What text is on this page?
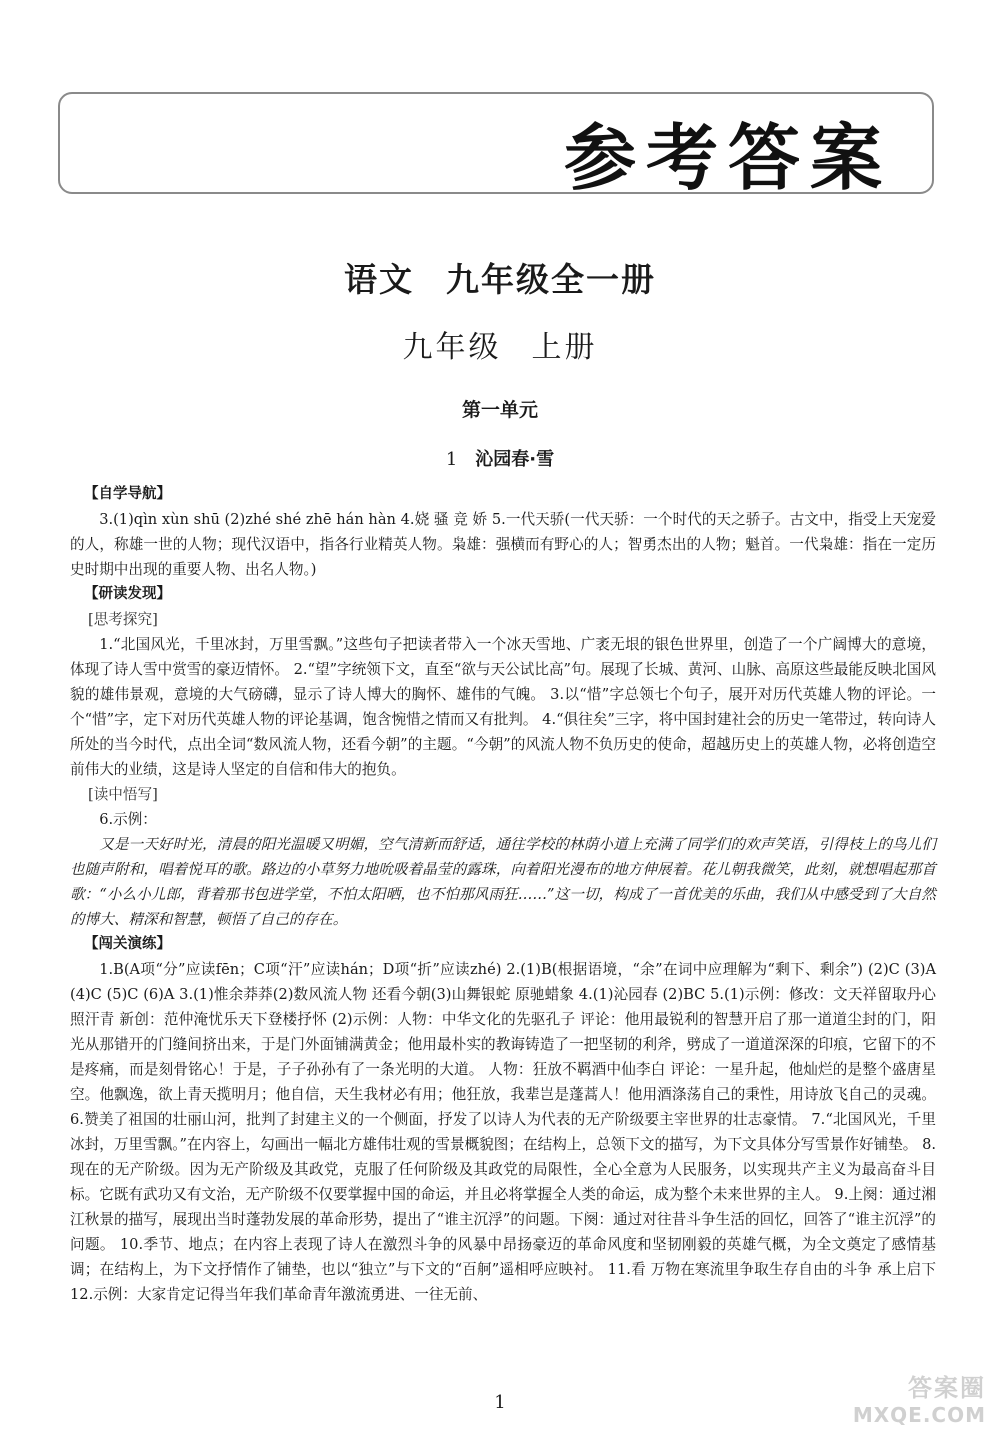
参考答案
语文 九年级全一册
九年级 上册
第一单元
1 沁园春·雪
【自学导航】

3.(1)qìn xùn shū (2)zhé shé zhē hán hàn 4.娆 骚 竞 娇 5.一代天骄(一代天骄：一个时代的天之骄子。古文中，指受上天宠爱的人，称雄一世的人物；现代汉语中，指各行业精英人物。枭雄：强横而有野心的人；智勇杰出的人物；魁首。一代枭雄：指在一定历史时期中出现的重要人物、出名人物。)

【研读发现】
[思考探究]

1.“北国风光，千里冰封，万里雪飘。”这些句子把读者带入一个冰天雪地、广袤无垠的银色世界里，创造了一个广阔博大的意境，体现了诗人雪中赏雪的豪迈情怀。 2.“望”字统领下文，直至“欲与天公试比高”句。展现了长城、黄河、山脉、高原这些最能反映北国风貌的雄伟景观，意境的大气磅礴，显示了诗人博大的胸怀、雄伟的气魄。 3.以“惜”字总领七个句子，展开对历代英雄人物的评论。一个“惜”字，定下对历代英雄人物的评论基调，饱含惋惜之情而又有批判。 4.“俱往矣”三字，将中国封建社会的历史一笔带过，转向诗人所处的当今时代，点出全词“数风流人物，还看今朝”的主题。“今朝”的风流人物不负历史的使命，超越历史上的英雄人物，必将创造空前伟大的业绩，这是诗人坚定的自信和伟大的抱负。

[读中悟写]

6.示例：

又是一天好时光，清晨的阳光温暖又明媚，空气清新而舒适，通往学校的林荫小道上充满了同学们的欢声笑语，引得枝上的鸟儿们也随声附和，唱着悦耳的歌。路边的小草努力地吮吸着晶莹的露珠，向着阳光漫布的地方伸展着。花儿朝我微笑，此刻，就想唱起那首歌：“小么小儿郎，背着那书包进学堂，不怕太阳晒，也不怕那风雨狂……”这一切，构成了一首优美的乐曲，我们从中感受到了大自然的博大、精深和智慧，顿悟了自己的存在。

【闯关演练】

1.B(A项“分”应读fēn；C项“汗”应读hán；D项“折”应读zhé) 2.(1)B(根据语境，“余”在词中应理解为“剩下、剩余”) (2)C (3)A (4)C (5)C (6)A 3.(1)惟余莽莽(2)数风流人物 还看今朝(3)山舞银蛇 原驰蜡象 4.(1)沁园春 (2)BC 5.(1)示例：修改：文天祥留取丹心照汗青 新创：范仲淹忧乐天下登楼抒怀 (2)示例：人物：中华文化的先驱孔子 评论：他用最锐利的智慧开启了那一道道尘封的门，阳光从那错开的门缝间挤出来，于是门外面铺满黄金；他用最朴实的教诲铸造了一把坚韧的利斧，劈成了一道道深深的印痕，它留下的不是疼痛，而是刻骨铭心！于是，子子孙孙有了一条光明的大道。 人物：狂放不羁酒中仙李白 评论：一星升起，他灿烂的是整个盛唐星空。他飘逸，欲上青天揽明月；他自信，天生我材必有用；他狂放，我辈岂是蓬蒿人！他用酒涤荡自己的秉性，用诗放飞自己的灵魂。 6.赞美了祖国的壮丽山河，批判了封建主义的一个侧面，抒发了以诗人为代表的无产阶级要主宰世界的壮志豪情。 7.“北国风光，千里冰封，万里雪飘。”在内容上，勾画出一幅北方雄伟壮观的雪景概貌图；在结构上，总领下文的描写，为下文具体分写雪景作好铺垫。 8.现在的无产阶级。因为无产阶级及其政党，克服了任何阶级及其政党的局限性，全心全意为人民服务，以实现共产主义为最高奋斗目标。它既有武功又有文治，无产阶级不仅要掌握中国的命运，并且必将掌握全人类的命运，成为整个未来世界的主人。 9.上阕：通过湘江秋景的描写，展现出当时蓬勃发展的革命形势，提出了“谁主沉浮”的问题。下阕：通过对往昔斗争生活的回忆，回答了“谁主沉浮”的问题。 10.季节、地点；在内容上表现了诗人在激烈斗争的风暴中昂扬豪迈的革命风度和坚韧刚毅的英雄气概，为全文奠定了感情基调；在结构上，为下文抒情作了铺垫，也以“独立”与下文的“百舸”遥相呼应映衬。 11.看 万物在寒流里争取生存自由的斗争 承上启下 12.示例：大家肯定记得当年我们革命青年激流勇进、一往无前、

1
答案圈
MXQE.COM
